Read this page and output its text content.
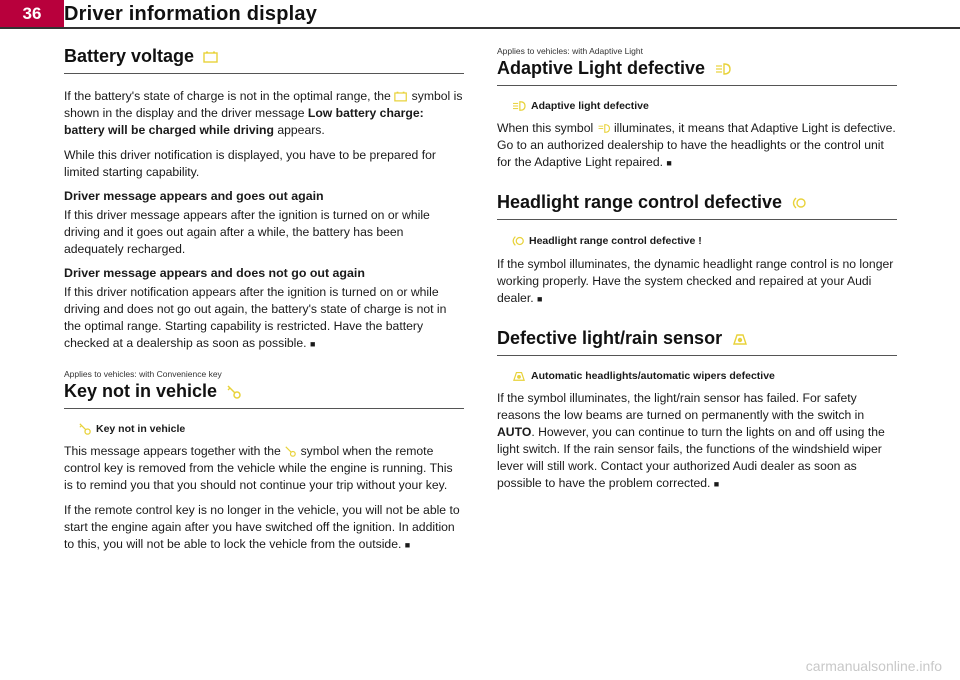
36	Driver information display
Battery voltage

If the battery's state of charge is not in the optimal range, the symbol is shown in the display and the driver message Low battery charge: battery will be charged while driving appears.

While this driver notification is displayed, you have to be prepared for limited starting capability.

Driver message appears and goes out again

If this driver message appears after the ignition is turned on or while driving and it goes out again after a while, the battery has been adequately recharged.

Driver message appears and does not go out again

If this driver notification appears after the ignition is turned on or while driving and does not go out again, the battery's state of charge is not in the optimal range. Starting capability is restricted. Have the battery checked at a dealership as soon as possible. ■

Applies to vehicles: with Convenience key
Key not in vehicle
Key not in vehicle

This message appears together with the symbol when the remote control key is removed from the vehicle while the engine is running. This is to remind you that you should not continue your trip without your key.

If the remote control key is no longer in the vehicle, you will not be able to start the engine again after you have switched off the ignition. In addition to this, you will not be able to lock the vehicle from the outside. ■

Applies to vehicles: with Adaptive Light
Adaptive Light defective
Adaptive light defective

When this symbol illuminates, it means that Adaptive Light is defective. Go to an authorized dealership to have the headlights or the control unit for the Adaptive Light repaired. ■

Headlight range control defective
Headlight range control defective !

If the symbol illuminates, the dynamic headlight range control is no longer working properly. Have the system checked and repaired at your Audi dealer. ■

Defective light/rain sensor
Automatic headlights/automatic wipers defective

If the symbol illuminates, the light/rain sensor has failed. For safety reasons the low beams are turned on permanently with the switch in AUTO. However, you can continue to turn the lights on and off using the light switch. If the rain sensor fails, the functions of the windshield wiper lever will still work. Contact your authorized Audi dealer as soon as possible to have the problem corrected. ■

carmanualsonline.info
